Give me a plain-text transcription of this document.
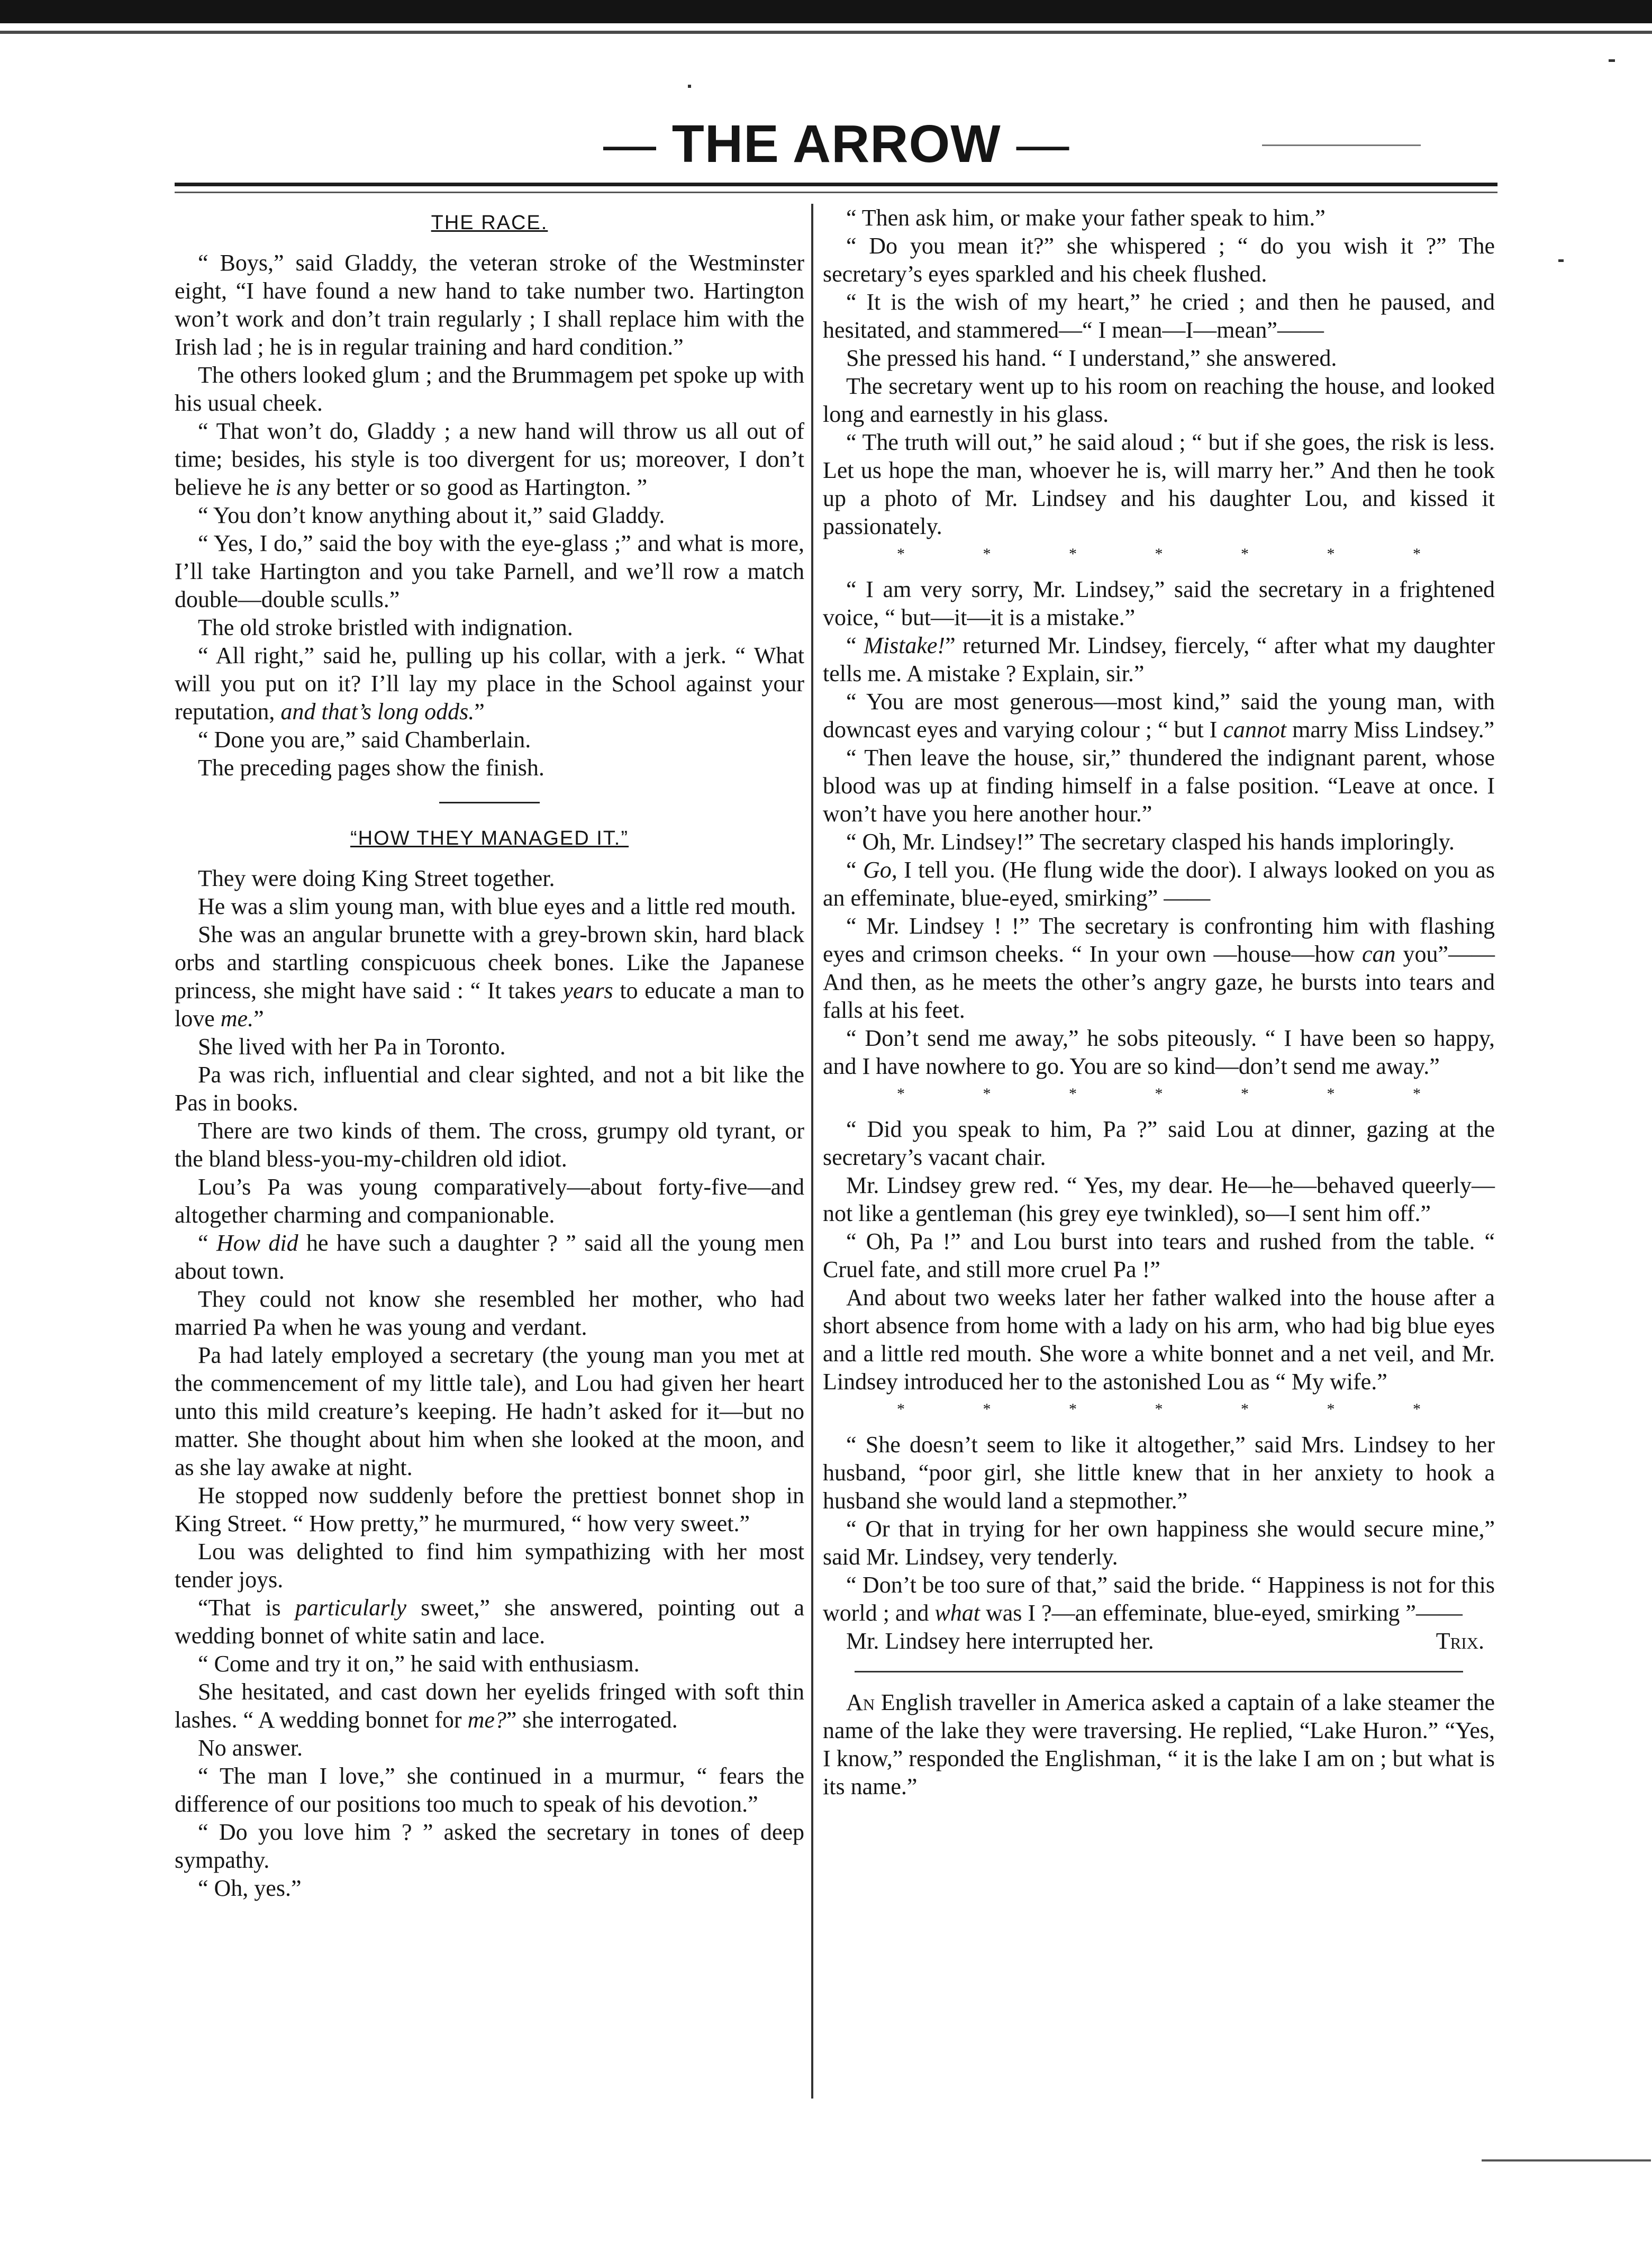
— THE ARROW —
THE RACE.

“ Boys,” said Gladdy, the veteran stroke of the Westminster eight, “I have found a new hand to take number two. Hartington won’t work and don’t train regularly ; I shall replace him with the Irish lad ; he is in regular training and hard condition.”

The others looked glum ; and the Brummagem pet spoke up with his usual cheek.

“ That won’t do, Gladdy ; a new hand will throw us all out of time; besides, his style is too divergent for us; moreover, I don’t believe he is any better or so good as Hartington. ”

“ You don’t know anything about it,” said Gladdy.

“ Yes, I do,” said the boy with the eye-glass ;” and what is more, I’ll take Hartington and you take Parnell, and we’ll row a match double—double sculls.”

The old stroke bristled with indignation.

“ All right,” said he, pulling up his collar, with a jerk. “ What will you put on it? I’ll lay my place in the School against your reputation, and that’s long odds.”

“ Done you are,” said Chamberlain.

The preceding pages show the finish.

“HOW THEY MANAGED IT.”

They were doing King Street together.

He was a slim young man, with blue eyes and a little red mouth.

She was an angular brunette with a grey-brown skin, hard black orbs and startling conspicuous cheek bones. Like the Japanese princess, she might have said : “ It takes years to educate a man to love me.”

She lived with her Pa in Toronto.

Pa was rich, influential and clear sighted, and not a bit like the Pas in books.

There are two kinds of them. The cross, grumpy old tyrant, or the bland bless-you-my-children old idiot.

Lou’s Pa was young comparatively—about forty-five—and altogether charming and companionable.

“ How did he have such a daughter ? ” said all the young men about town.

They could not know she resembled her mother, who had married Pa when he was young and verdant.

Pa had lately employed a secretary (the young man you met at the commencement of my little tale), and Lou had given her heart unto this mild creature’s keeping. He hadn’t asked for it—but no matter. She thought about him when she looked at the moon, and as she lay awake at night.

He stopped now suddenly before the prettiest bonnet shop in King Street. “ How pretty,” he murmured, “ how very sweet.”

Lou was delighted to find him sympathizing with her most tender joys.

“That is particularly sweet,” she answered, pointing out a wedding bonnet of white satin and lace.

“ Come and try it on,” he said with enthusiasm.

She hesitated, and cast down her eyelids fringed with soft thin lashes. “ A wedding bonnet for me?” she interrogated.

No answer.

“ The man I love,” she continued in a murmur, “ fears the difference of our positions too much to speak of his devotion.”

“ Do you love him ? ” asked the secretary in tones of deep sympathy.

“ Oh, yes.”

“ Then ask him, or make your father speak to him.”

“ Do you mean it?” she whispered ; “ do you wish it ?” The secretary’s eyes sparkled and his cheek flushed.

“ It is the wish of my heart,” he cried ; and then he paused, and hesitated, and stammered—“ I mean—I—mean”——

She pressed his hand. “ I understand,” she answered.

The secretary went up to his room on reaching the house, and looked long and earnestly in his glass.

“ The truth will out,” he said aloud ; “ but if she goes, the risk is less. Let us hope the man, whoever he is, will marry her.” And then he took up a photo of Mr. Lindsey and his daughter Lou, and kissed it passionately.

* * * * * * *

“ I am very sorry, Mr. Lindsey,” said the secretary in a frightened voice, “ but—it—it is a mistake.”

“ Mistake!” returned Mr. Lindsey, fiercely, “ after what my daughter tells me. A mistake ? Explain, sir.”

“ You are most generous—most kind,” said the young man, with downcast eyes and varying colour ; “ but I cannot marry Miss Lindsey.”

“ Then leave the house, sir,” thundered the indignant parent, whose blood was up at finding himself in a false position. “Leave at once. I won’t have you here another hour.”

“ Oh, Mr. Lindsey!” The secretary clasped his hands imploringly.

“ Go, I tell you. (He flung wide the door). I always looked on you as an effeminate, blue-eyed, smirking” ——

“ Mr. Lindsey ! !” The secretary is confronting him with flashing eyes and crimson cheeks. “ In your own —house—how can you”—— And then, as he meets the other’s angry gaze, he bursts into tears and falls at his feet.

“ Don’t send me away,” he sobs piteously. “ I have been so happy, and I have nowhere to go. You are so kind—don’t send me away.”

* * * * * * *

“ Did you speak to him, Pa ?” said Lou at dinner, gazing at the secretary’s vacant chair.

Mr. Lindsey grew red. “ Yes, my dear. He—he—behaved queerly—not like a gentleman (his grey eye twinkled), so—I sent him off.”

“ Oh, Pa !” and Lou burst into tears and rushed from the table. “ Cruel fate, and still more cruel Pa !”

And about two weeks later her father walked into the house after a short absence from home with a lady on his arm, who had big blue eyes and a little red mouth. She wore a white bonnet and a net veil, and Mr. Lindsey introduced her to the astonished Lou as “ My wife.”

* * * * * * *

“ She doesn’t seem to like it altogether,” said Mrs. Lindsey to her husband, “poor girl, she little knew that in her anxiety to hook a husband she would land a stepmother.”

“ Or that in trying for her own happiness she would secure mine,” said Mr. Lindsey, very tenderly.

“ Don’t be too sure of that,” said the bride. “ Happiness is not for this world ; and what was I ?—an effeminate, blue-eyed, smirking ”——

Mr. Lindsey here interrupted her.	Trix.

An English traveller in America asked a captain of a lake steamer the name of the lake they were traversing. He replied, “Lake Huron.” “Yes, I know,” responded the Englishman, “ it is the lake I am on ; but what is its name.”
